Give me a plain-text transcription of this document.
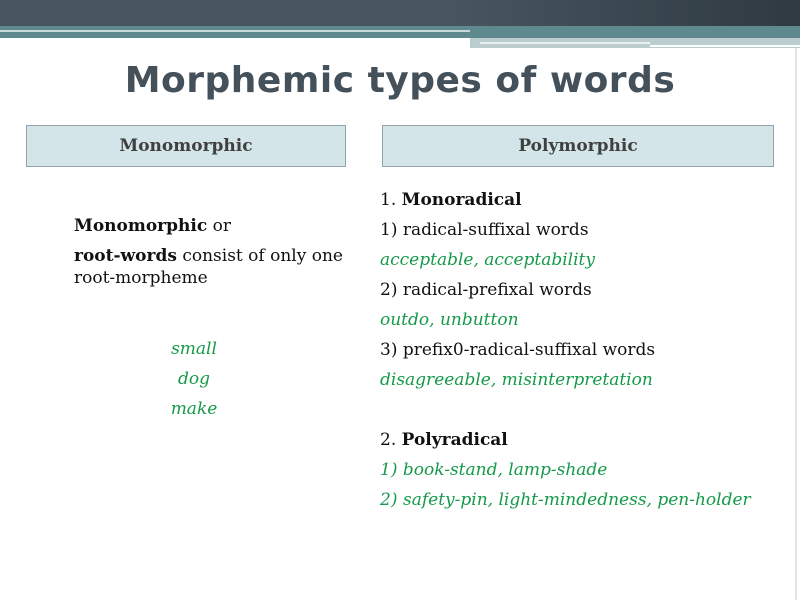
Morphemic types of words
Monomorphic	Polymorphic

Monomorphic or

root-words consist of only one root-morpheme

small
dog
make
1. Monoradical
1) radical-suffixal words
acceptable, acceptability
2) radical-prefixal words
outdo, unbutton
3) prefix0-radical-suffixal words
disagreeable, misinterpretation
2. Polyradical
1) book-stand, lamp-shade
2) safety-pin, light-mindedness, pen-holder
